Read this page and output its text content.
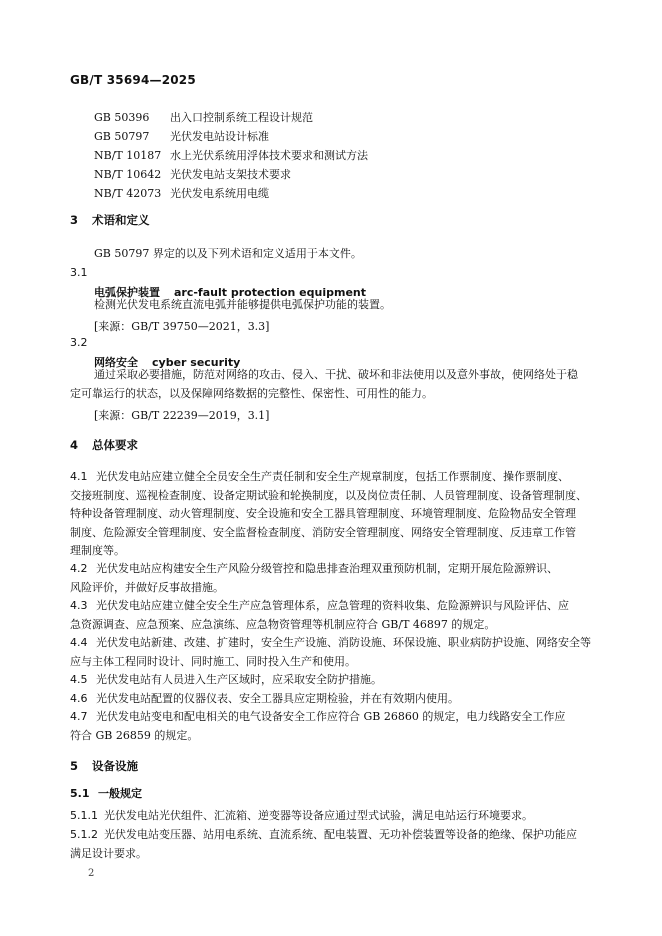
GB/T 35694—2025
GB 50396 出入口控制系统工程设计规范
GB 50797 光伏发电站设计标准
NB/T 10187 水上光伏系统用浮体技术要求和测试方法
NB/T 10642 光伏发电站支架技术要求
NB/T 42073 光伏发电系统用电缆
3 术语和定义
GB 50797 界定的以及下列术语和定义适用于本文件。
3.1
电弧保护装置 arc-fault protection equipment
检测光伏发电系统直流电弧并能够提供电弧保护功能的装置。
[来源：GB/T 39750—2021，3.3]
3.2
网络安全 cyber security
通过采取必要措施，防范对网络的攻击、侵入、干扰、破坏和非法使用以及意外事故，使网络处于稳
定可靠运行的状态，以及保障网络数据的完整性、保密性、可用性的能力。
[来源：GB/T 22239—2019，3.1]
4 总体要求
4.1 光伏发电站应建立健全全员安全生产责任制和安全生产规章制度，包括工作票制度、操作票制度、
交接班制度、巡视检查制度、设备定期试验和轮换制度，以及岗位责任制、人员管理制度、设备管理制度、
特种设备管理制度、动火管理制度、安全设施和安全工器具管理制度、环境管理制度、危险物品安全管理
制度、危险源安全管理制度、安全监督检查制度、消防安全管理制度、网络安全管理制度、反违章工作管
理制度等。
4.2 光伏发电站应构建安全生产风险分级管控和隐患排查治理双重预防机制，定期开展危险源辨识、
风险评价，并做好反事故措施。
4.3 光伏发电站应建立健全安全生产应急管理体系，应急管理的资料收集、危险源辨识与风险评估、应
急资源调查、应急预案、应急演练、应急物资管理等机制应符合 GB/T 46897 的规定。
4.4 光伏发电站新建、改建、扩建时，安全生产设施、消防设施、环保设施、职业病防护设施、网络安全等
应与主体工程同时设计、同时施工、同时投入生产和使用。
4.5 光伏发电站有人员进入生产区域时，应采取安全防护措施。
4.6 光伏发电站配置的仪器仪表、安全工器具应定期检验，并在有效期内使用。
4.7 光伏发电站变电和配电相关的电气设备安全工作应符合 GB 26860 的规定，电力线路安全工作应
符合 GB 26859 的规定。
5 设备设施
5.1 一般规定
5.1.1 光伏发电站光伏组件、汇流箱、逆变器等设备应通过型式试验，满足电站运行环境要求。
5.1.2 光伏发电站变压器、站用电系统、直流系统、配电装置、无功补偿装置等设备的绝缘、保护功能应
满足设计要求。
2
